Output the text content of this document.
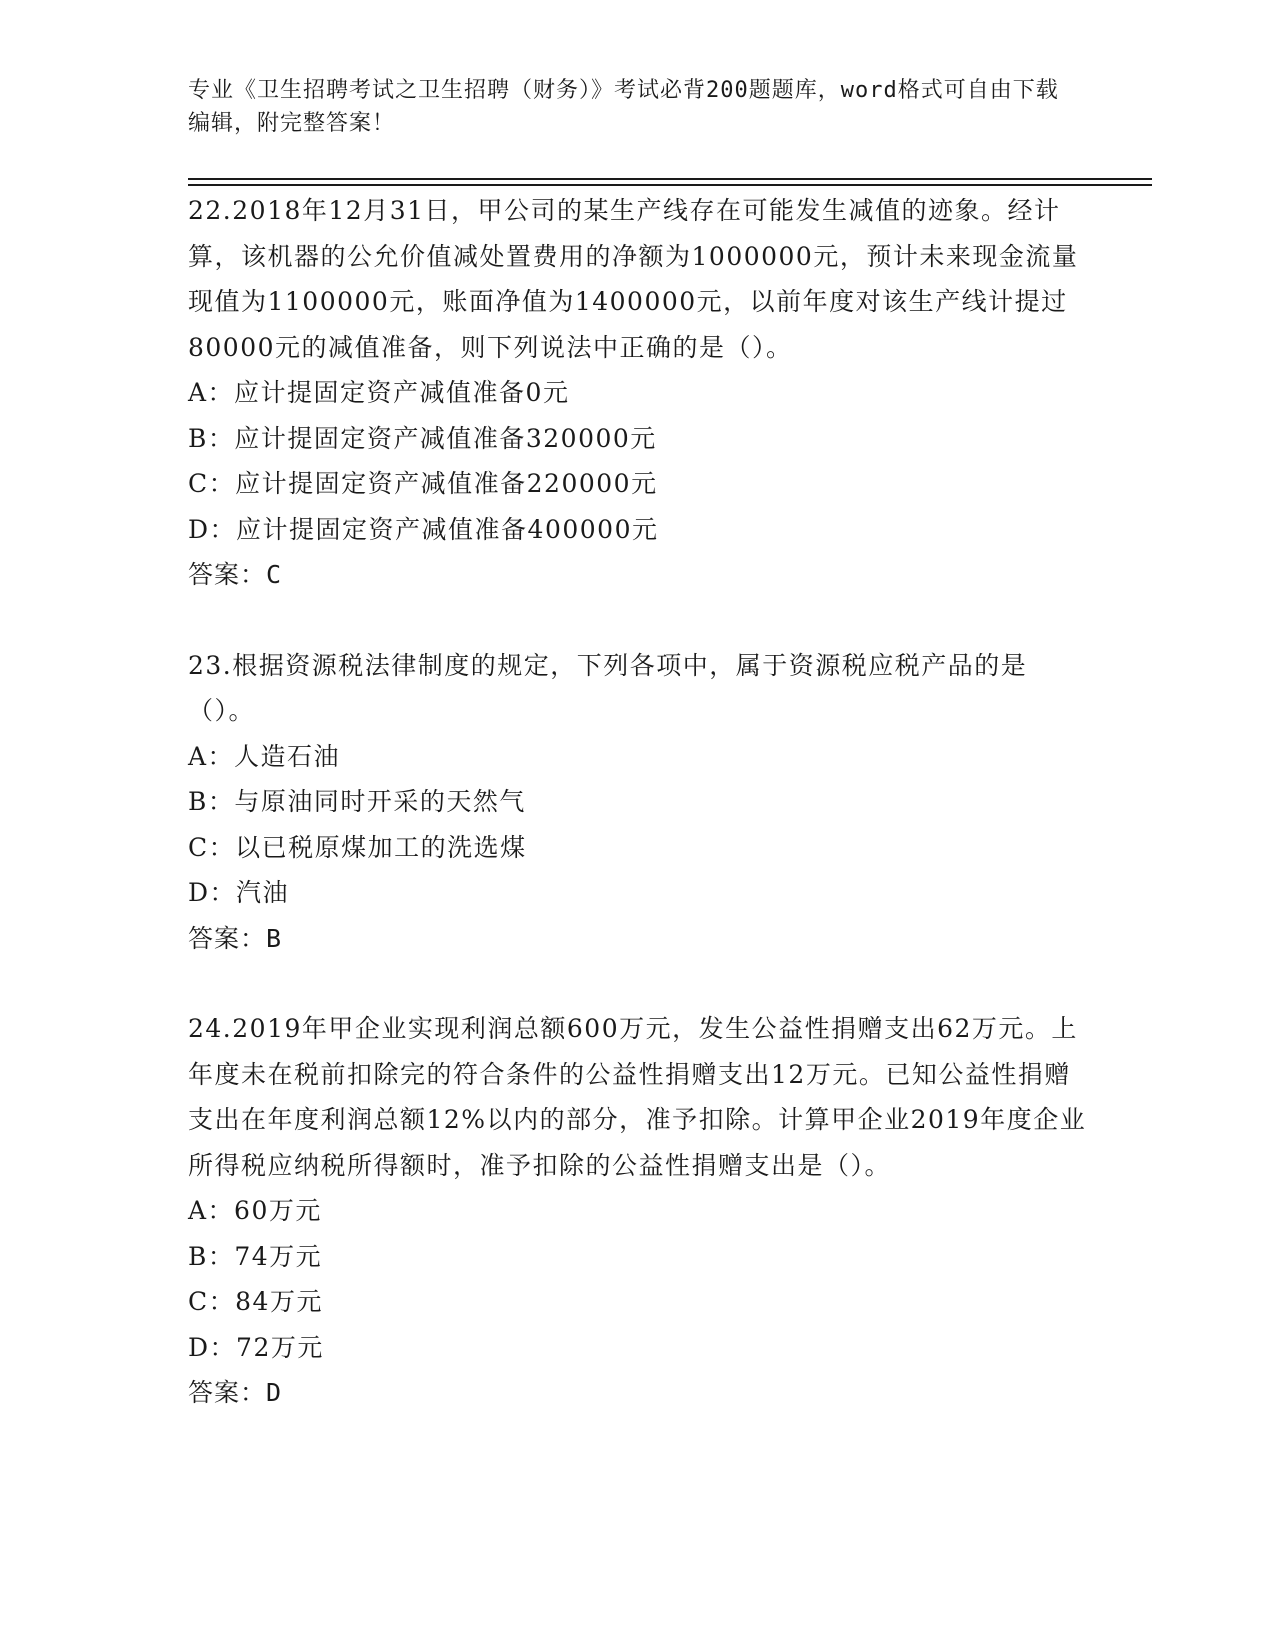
专业《卫生招聘考试之卫生招聘（财务）》考试必背200题题库，word格式可自由下载编辑，附完整答案！

22.2018年12月31日，甲公司的某生产线存在可能发生减值的迹象。经计算，该机器的公允价值减处置费用的净额为1000000元，预计未来现金流量现值为1100000元，账面净值为1400000元，以前年度对该生产线计提过80000元的减值准备，则下列说法中正确的是（）。

A：应计提固定资产减值准备0元

B：应计提固定资产减值准备320000元

C：应计提固定资产减值准备220000元

D：应计提固定资产减值准备400000元

答案：C

23.根据资源税法律制度的规定，下列各项中，属于资源税应税产品的是（）。

A：人造石油

B：与原油同时开采的天然气

C：以已税原煤加工的洗选煤

D：汽油

答案：B

24.2019年甲企业实现利润总额600万元，发生公益性捐赠支出62万元。上年度未在税前扣除完的符合条件的公益性捐赠支出12万元。已知公益性捐赠支出在年度利润总额12%以内的部分，准予扣除。计算甲企业2019年度企业所得税应纳税所得额时，准予扣除的公益性捐赠支出是（）。

A：60万元

B：74万元

C：84万元

D：72万元

答案：D
